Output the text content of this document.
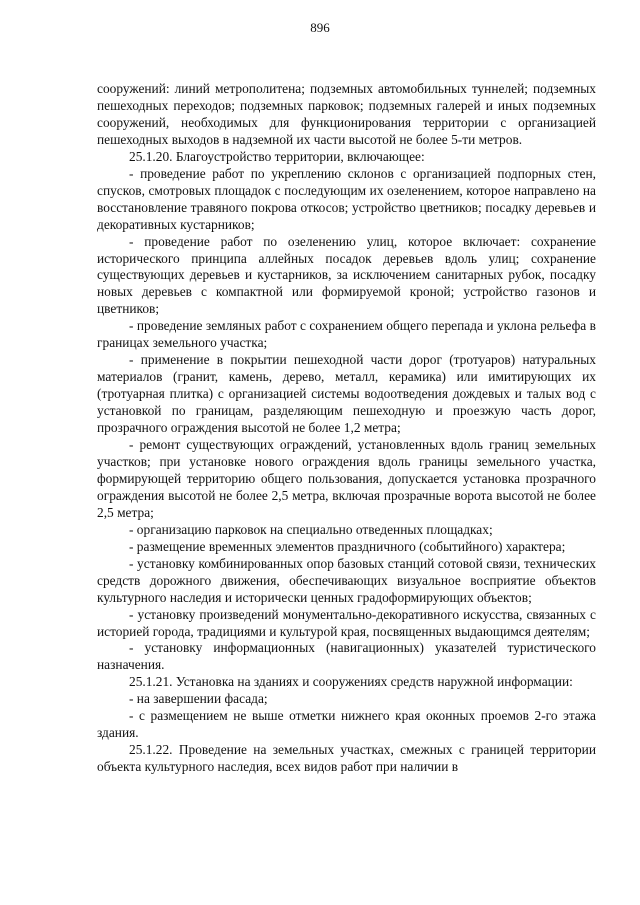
896

сооружений: линий метрополитена; подземных автомобильных туннелей; подземных пешеходных переходов; подземных парковок; подземных галерей и иных подземных сооружений, необходимых для функционирования территории с организацией пешеходных выходов в надземной их части высотой не более 5-ти метров.

25.1.20. Благоустройство территории, включающее:

- проведение работ по укреплению склонов с организацией подпорных стен, спусков, смотровых площадок с последующим их озеленением, которое направлено на восстановление травяного покрова откосов; устройство цветников; посадку деревьев и декоративных кустарников;

- проведение работ по озеленению улиц, которое включает: сохранение исторического принципа аллейных посадок деревьев вдоль улиц; сохранение существующих деревьев и кустарников, за исключением санитарных рубок, посадку новых деревьев с компактной или формируемой кроной; устройство газонов и цветников;

- проведение земляных работ с сохранением общего перепада и уклона рельефа в границах земельного участка;

- применение в покрытии пешеходной части дорог (тротуаров) натуральных материалов (гранит, камень, дерево, металл, керамика) или имитирующих их (тротуарная плитка) с организацией системы водоотведения дождевых и талых вод с установкой по границам, разделяющим пешеходную и проезжую часть дорог, прозрачного ограждения высотой не более 1,2 метра;

- ремонт существующих ограждений, установленных вдоль границ земельных участков; при установке нового ограждения вдоль границы земельного участка, формирующей территорию общего пользования, допускается установка прозрачного ограждения высотой не более 2,5 метра, включая прозрачные ворота высотой не более 2,5 метра;

- организацию парковок на специально отведенных площадках;

- размещение временных элементов праздничного (событийного) характера;

- установку комбинированных опор базовых станций сотовой связи, технических средств дорожного движения, обеспечивающих визуальное восприятие объектов культурного наследия и исторически ценных градоформирующих объектов;

- установку произведений монументально-декоративного искусства, связанных с историей города, традициями и культурой края, посвященных выдающимся деятелям;

- установку информационных (навигационных) указателей туристического назначения.

25.1.21. Установка на зданиях и сооружениях средств наружной информации:

- на завершении фасада;

- с размещением не выше отметки нижнего края оконных проемов 2-го этажа здания.

25.1.22. Проведение на земельных участках, смежных с границей территории объекта культурного наследия, всех видов работ при наличии в
